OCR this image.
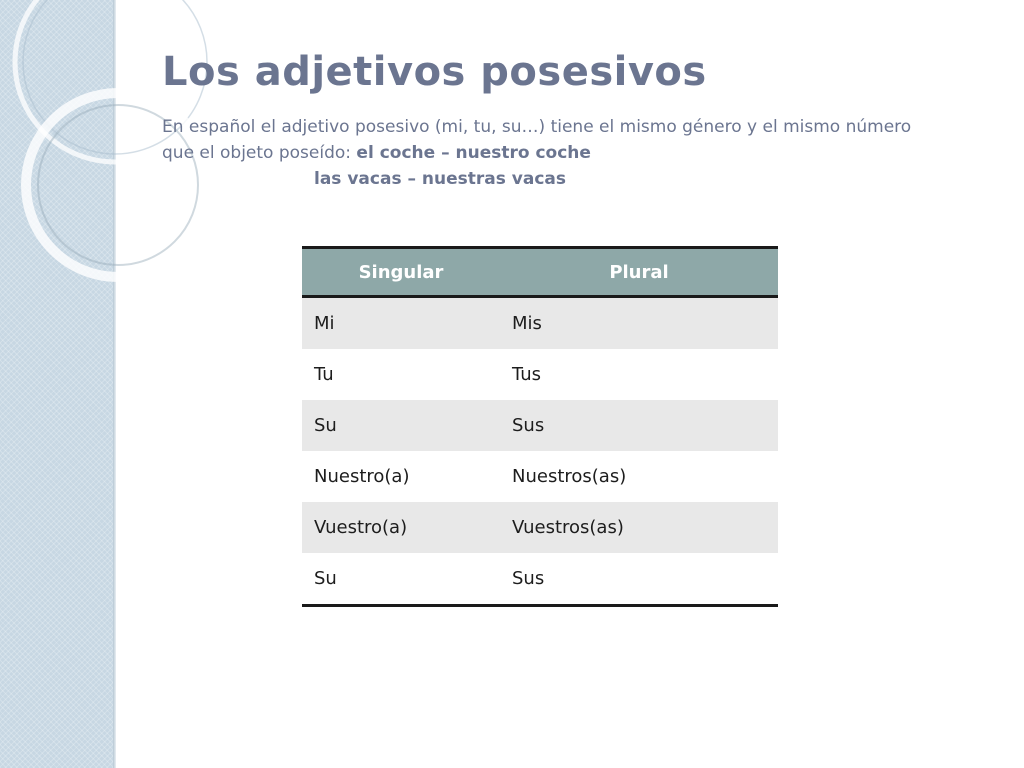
Los adjetivos posesivos
En español el adjetivo posesivo (mi, tu, su…) tiene el mismo género y el mismo número que el objeto poseído: el coche – nuestro coche
las vacas – nuestras vacas
Singular	Plural
Mi	Mis
Tu	Tus
Su	Sus
Nuestro(a)	Nuestros(as)
Vuestro(a)	Vuestros(as)
Su	Sus
